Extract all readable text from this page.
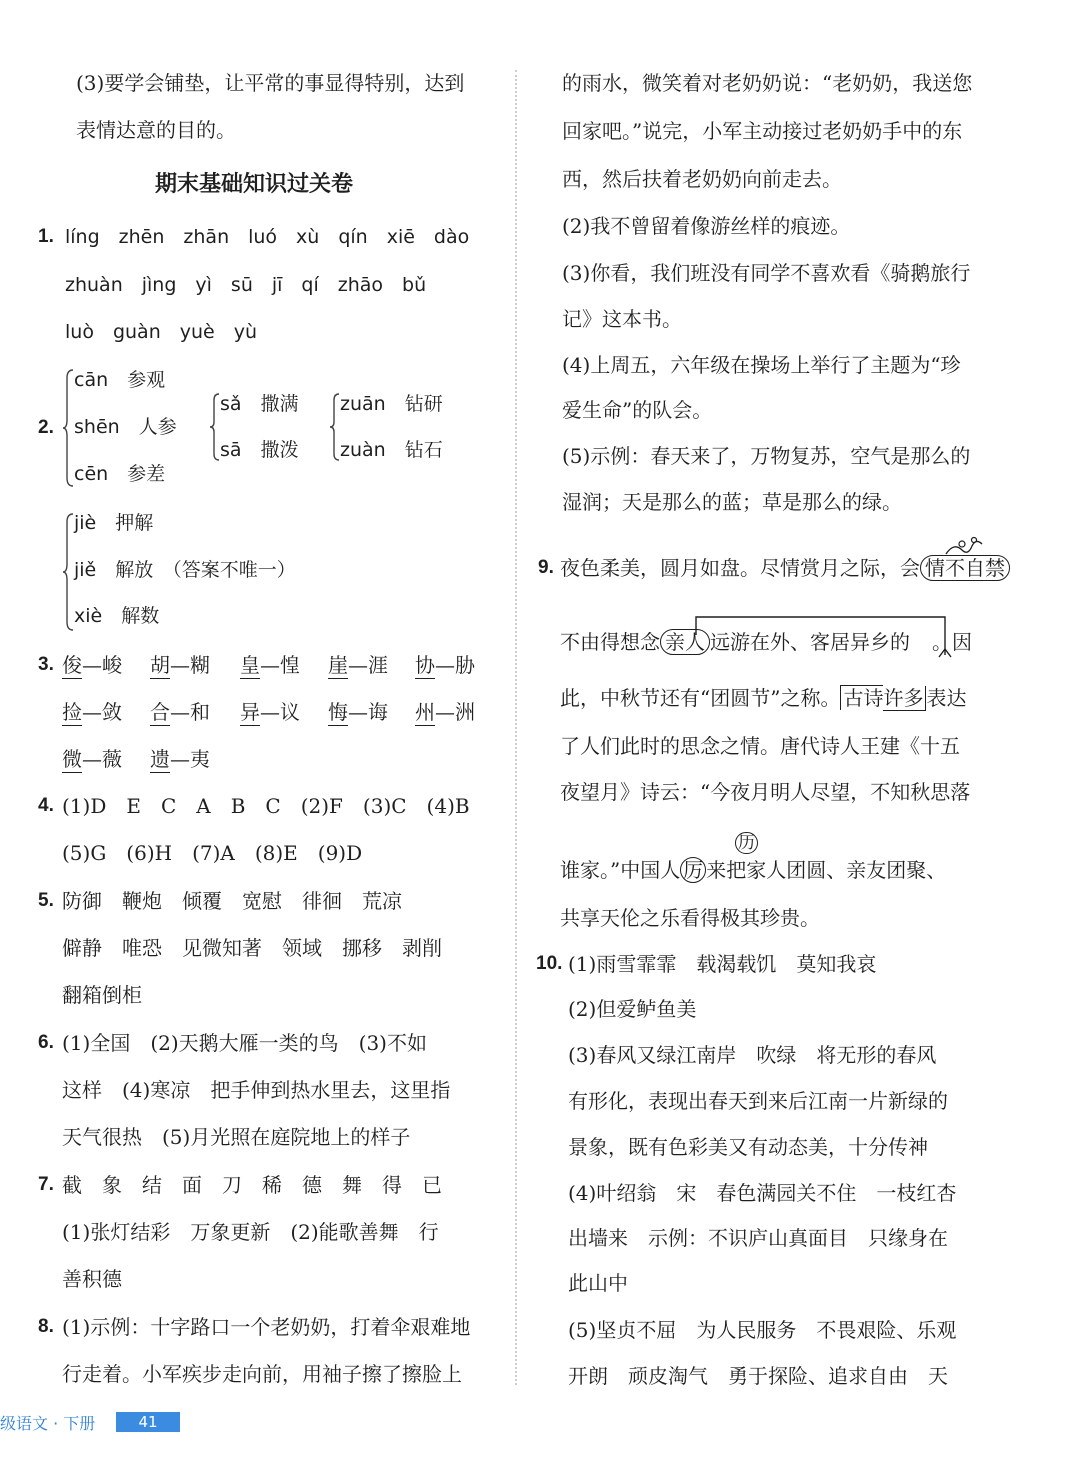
(3)要学会铺垫，让平常的事显得特别，达到
表情达意的目的。
期末基础知识过关卷
1. líng　zhēn　zhān　luó　xù　qín　xiē　dào
zhuàn　jìng　yì　sū　jī　qí　zhāo　bǔ
luò　guàn　yuè　yù
2.
cān　参观
shēn　人参
cēn　参差
sǎ　撒满
sā　撒泼
zuān　钻研
zuàn　钻石
jiè　押解
jiě　解放　（答案不唯一）
xiè　解数
3. 俊—峻 胡—糊 皇—惶 崖—涯 协—胁
捡—敛 合—和 异—议 悔—诲 州—洲
微—薇 遗—夷
4. (1)D　E　C　A　B　C　(2)F　(3)C　(4)B
(5)G　(6)H　(7)A　(8)E　(9)D
5. 防御　鞭炮　倾覆　宽慰　徘徊　荒凉
僻静　唯恐　见微知著　领域　挪移　剥削
翻箱倒柜
6. (1)全国　(2)天鹅大雁一类的鸟　(3)不如
这样　(4)寒凉　把手伸到热水里去，这里指
天气很热　(5)月光照在庭院地上的样子
7. 截　象　结　面　刀　稀　德　舞　得　已
(1)张灯结彩　万象更新　(2)能歌善舞　行
善积德
8. (1)示例：十字路口一个老奶奶，打着伞艰难地
行走着。小军疾步走向前，用袖子擦了擦脸上
的雨水，微笑着对老奶奶说：“老奶奶，我送您
回家吧。”说完，小军主动接过老奶奶手中的东
西，然后扶着老奶奶向前走去。
(2)我不曾留着像游丝样的痕迹。
(3)你看，我们班没有同学不喜欢看《骑鹅旅行
记》这本书。
(4)上周五，六年级在操场上举行了主题为“珍
爱生命”的队会。
(5)示例：春天来了，万物复苏，空气是那么的
湿润；天是那么的蓝；草是那么的绿。
9. 夜色柔美，圆月如盘。尽情赏月之际，会 情不自禁
不由得想念 亲人 远游在外、客居异乡的 。因
此，中秋节还有“团圆节”之称。 古诗许多 表达
了人们此时的思念之情。唐代诗人王建《十五
夜望月》诗云：“今夜月明人尽望，不知秋思落
历
谁家。”中国人 厉 来把家人团圆、亲友团聚、
共享天伦之乐看得极其珍贵。
10. (1)雨雪霏霏　载渴载饥　莫知我哀
(2)但爱鲈鱼美
(3)春风又绿江南岸　吹绿　将无形的春风
有形化，表现出春天到来后江南一片新绿的
景象，既有色彩美又有动态美，十分传神
(4)叶绍翁　宋　春色满园关不住　一枝红杏
出墙来　示例：不识庐山真面目　只缘身在
此山中
(5)坚贞不屈　为人民服务　不畏艰险、乐观
开朗　顽皮淘气　勇于探险、追求自由　天
级语文 · 下册	41
